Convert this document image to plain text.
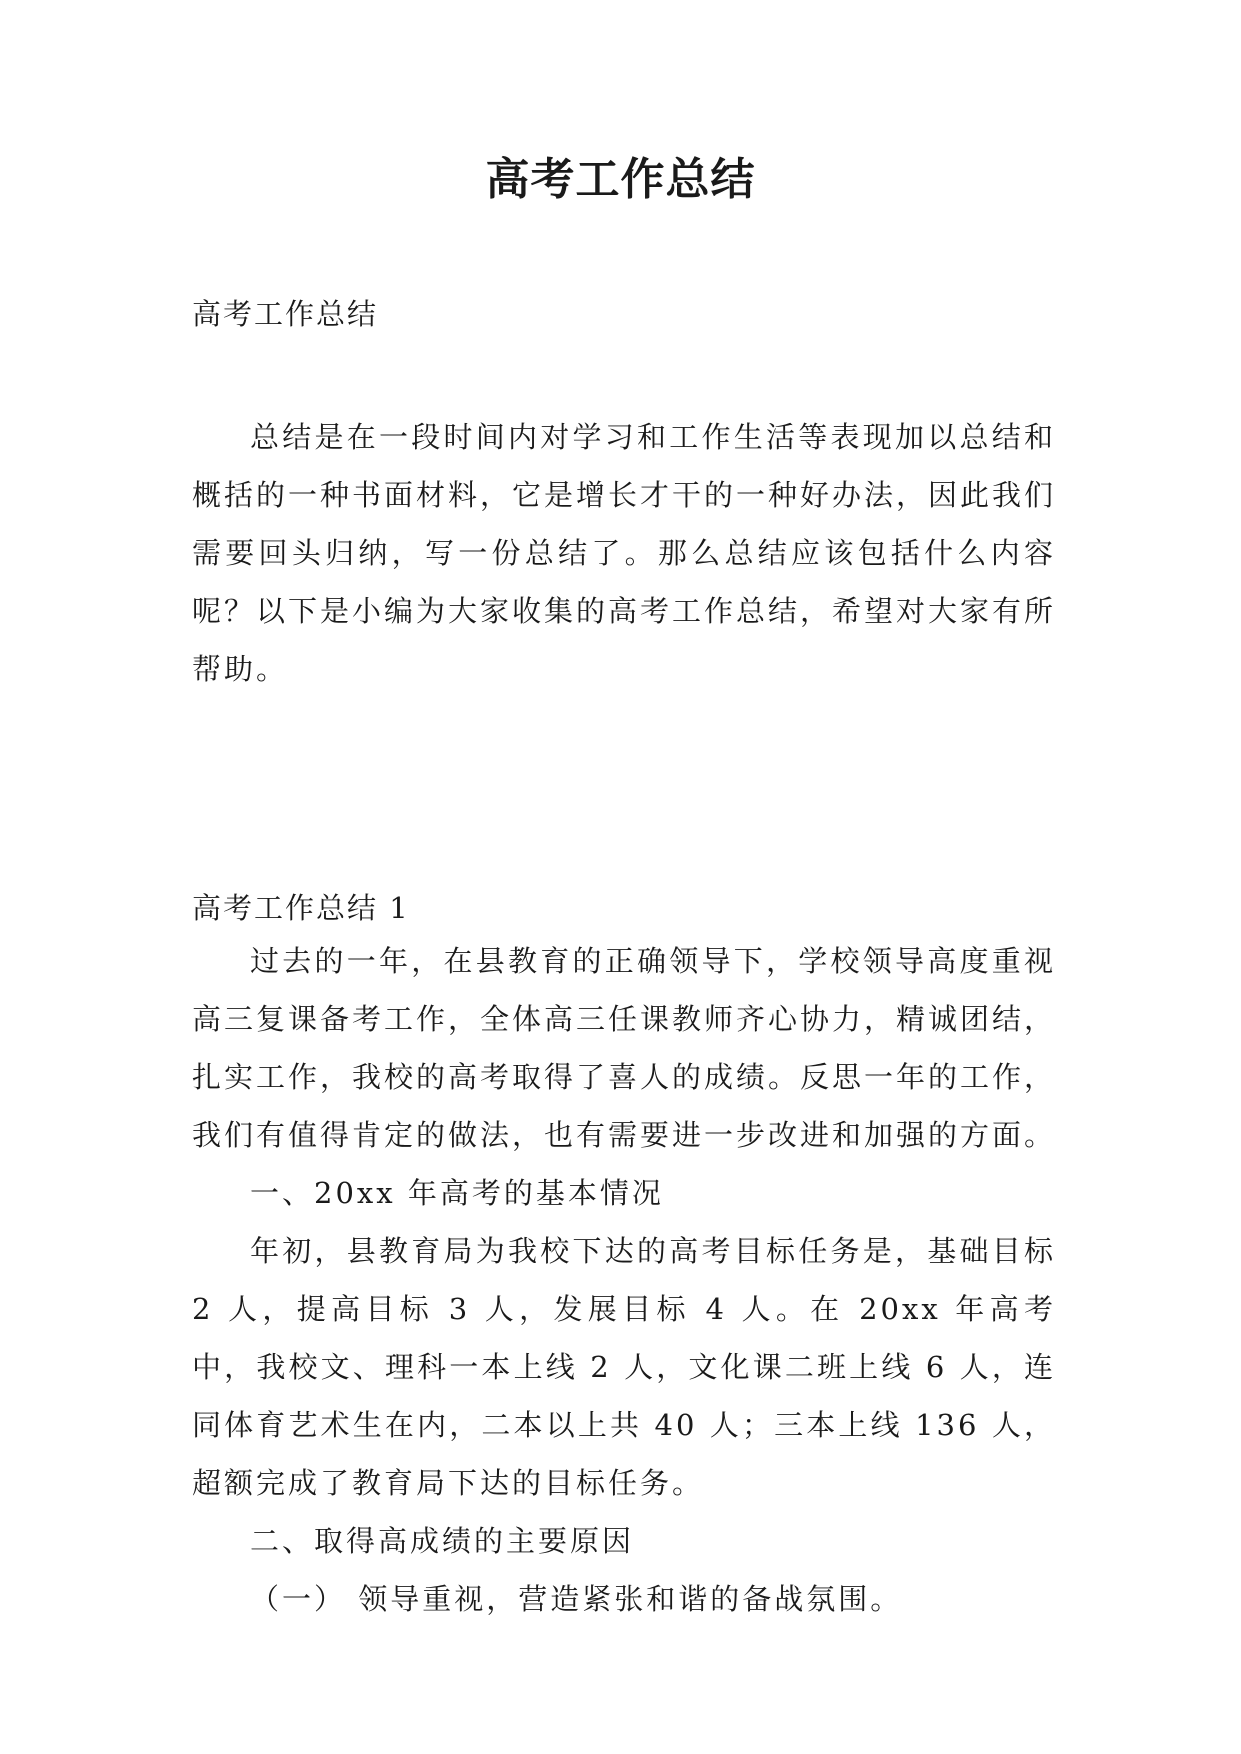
高考工作总结

高考工作总结

总结是在一段时间内对学习和工作生活等表现加以总结和概括的一种书面材料，它是增长才干的一种好办法，因此我们需要回头归纳，写一份总结了。那么总结应该包括什么内容呢？以下是小编为大家收集的高考工作总结，希望对大家有所帮助。

高考工作总结 1

过去的一年，在县教育的正确领导下，学校领导高度重视高三复课备考工作，全体高三任课教师齐心协力，精诚团结，扎实工作，我校的高考取得了喜人的成绩。反思一年的工作，我们有值得肯定的做法，也有需要进一步改进和加强的方面。

一、20xx 年高考的基本情况

年初，县教育局为我校下达的高考目标任务是，基础目标 2 人，提高目标 3 人，发展目标 4 人。在 20xx 年高考中，我校文、理科一本上线 2 人，文化课二班上线 6 人，连同体育艺术生在内，二本以上共 40 人；三本上线 136 人，超额完成了教育局下达的目标任务。

二、取得高成绩的主要原因

（一） 领导重视，营造紧张和谐的备战氛围。
